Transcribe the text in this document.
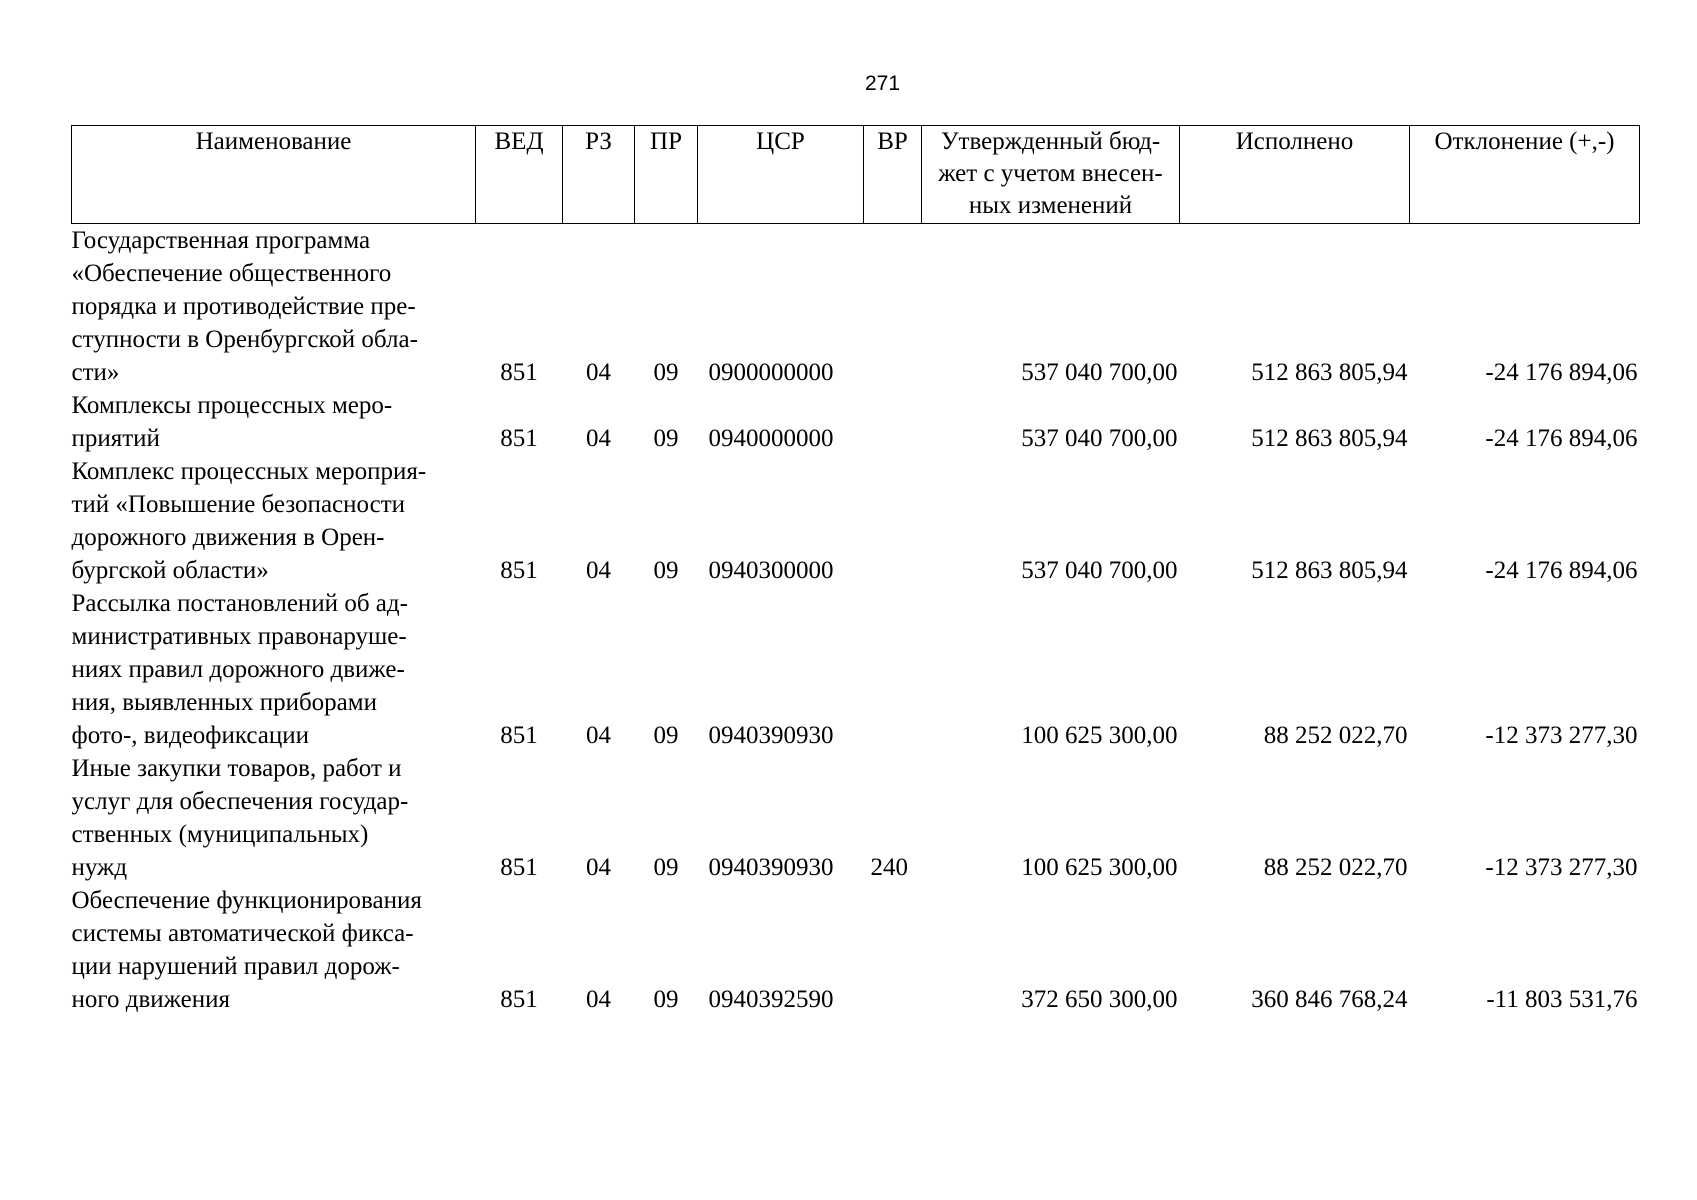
271
Наименование	ВЕД	РЗ	ПР	ЦСР	ВР	Утвержденный бюд-
жет с учетом внесен-
ных изменений	Исполнено	Отклонение (+,-)

Государственная программа
«Обеспечение общественного
порядка и противодействие пре-
ступности в Оренбургской обла-
сти»	851	04	09	0900000000		537 040 700,00	512 863 805,94	-24 176 894,06

Комплексы процессных меро-
приятий	851	04	09	0940000000		537 040 700,00	512 863 805,94	-24 176 894,06

Комплекс процессных мероприя-
тий «Повышение безопасности
дорожного движения в Орен-
бургской области»	851	04	09	0940300000		537 040 700,00	512 863 805,94	-24 176 894,06

Рассылка постановлений об ад-
министративных правонаруше-
ниях правил дорожного движе-
ния, выявленных приборами
фото-, видеофиксации	851	04	09	0940390930		100 625 300,00	88 252 022,70	-12 373 277,30

Иные закупки товаров, работ и
услуг для обеспечения государ-
ственных (муниципальных)
нужд	851	04	09	0940390930	240	100 625 300,00	88 252 022,70	-12 373 277,30

Обеспечение функционирования
системы автоматической фикса-
ции нарушений правил дорож-
ного движения	851	04	09	0940392590		372 650 300,00	360 846 768,24	-11 803 531,76
